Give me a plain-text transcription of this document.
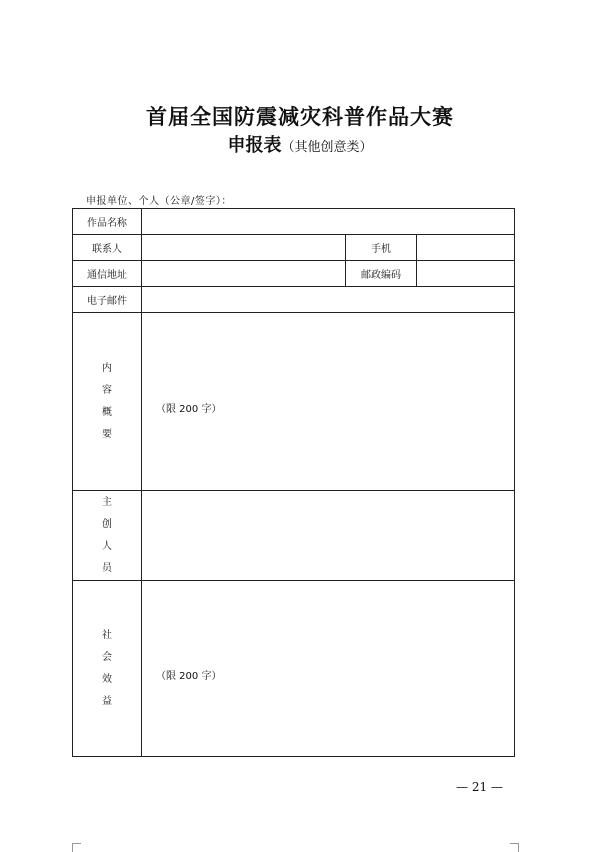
首届全国防震减灾科普作品大赛
申报表（其他创意类）
申报单位、个人（公章/签字）：
作品名称			
联系人		手机	
通信地址		邮政编码	
电子邮件			

内
容
概
要	（限 200 字）		

主
创
人
员			

社
会
效
益	（限 200 字）		
— 21 —
